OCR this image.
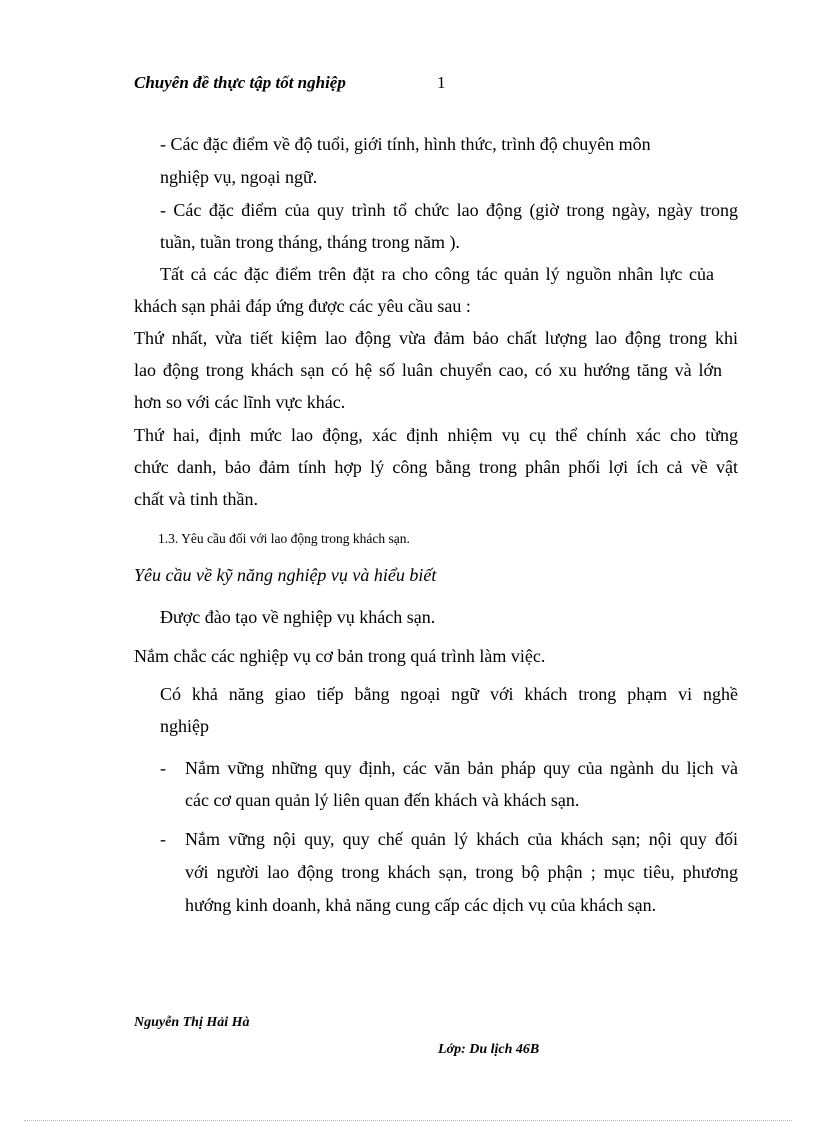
Chuyên đề thực tập tốt nghiệp	1
- Các đặc điểm về độ tuổi, giới tính, hình thức, trình độ chuyên môn
nghiệp vụ, ngoại ngữ.
- Các đặc điểm của quy trình tổ chức lao động (giờ trong ngày, ngày trong
tuần, tuần trong tháng, tháng trong năm ).
Tất cả các đặc điểm trên đặt ra cho công tác quản lý nguồn nhân lực của
khách sạn phải đáp ứng được các yêu cầu sau :
Thứ nhất, vừa tiết kiệm lao động vừa đảm bảo chất lượng lao động trong khi
lao động trong khách sạn có hệ số luân chuyển cao, có xu hướng tăng và lớn
hơn so với các lĩnh vực khác.
Thứ hai, định mức lao động, xác định nhiệm vụ cụ thể chính xác cho từng
chức danh, bảo đảm tính hợp lý công bằng trong phân phối lợi ích cả về vật
chất và tinh thần.
1.3. Yêu cầu đối với lao động trong khách sạn.
Yêu cầu về kỹ năng nghiệp vụ và hiểu biết
Được đào tạo về nghiệp vụ khách sạn.
Nắm chắc các nghiệp vụ cơ bản trong quá trình làm việc.
Có khả năng giao tiếp bằng ngoại ngữ với khách trong phạm vi nghề
nghiệp
- Nắm vững những quy định, các văn bản pháp quy của ngành du lịch và
các cơ quan quản lý liên quan đến khách và khách sạn.
- Nắm vững nội quy, quy chế quản lý khách của khách sạn; nội quy đối
với người lao động trong khách sạn, trong bộ phận ; mục tiêu, phương
hướng kinh doanh, khả năng cung cấp các dịch vụ của khách sạn.
Nguyễn Thị Hải Hà
Lớp: Du lịch 46B
